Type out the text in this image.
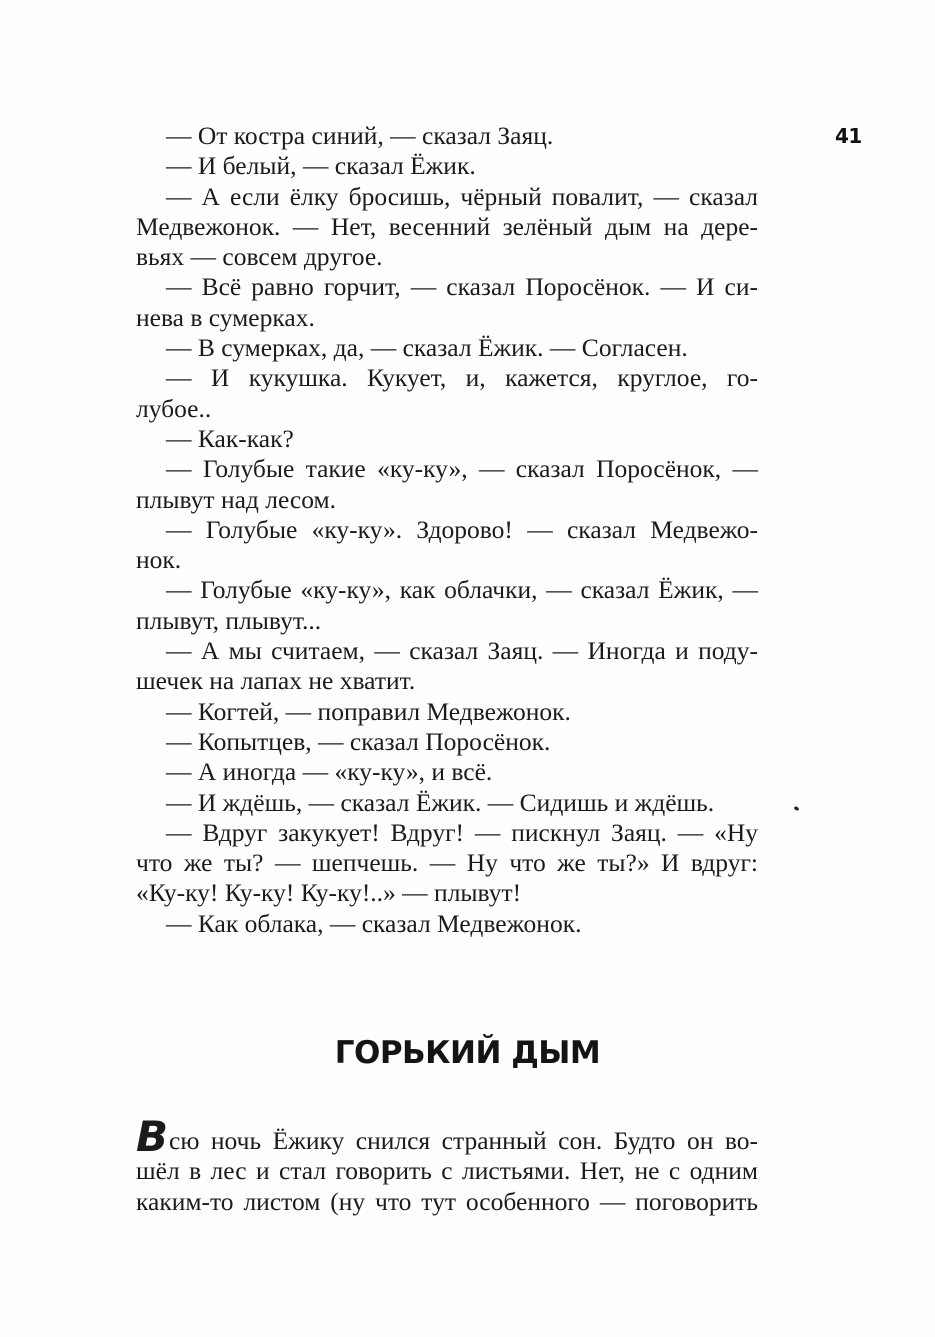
41
— От костра синий, — сказал Заяц.
— И белый, — сказал Ёжик.
— А если ёлку бросишь, чёрный повалит, — сказал
Медвежонок. — Нет, весенний зелёный дым на дере-
вьях — совсем другое.
— Всё равно горчит, — сказал Поросёнок. — И си-
нева в сумерках.
— В сумерках, да, — сказал Ёжик. — Согласен.
— И кукушка. Кукует, и, кажется, круглое, го-
лубое..
— Как-как?
— Голубые такие «ку-ку», — сказал Поросёнок, —
плывут над лесом.
— Голубые «ку-ку». Здорово! — сказал Медвежо-
нок.
— Голубые «ку-ку», как облачки, — сказал Ёжик, —
плывут, плывут...
— А мы считаем, — сказал Заяц. — Иногда и поду-
шечек на лапах не хватит.
— Когтей, — поправил Медвежонок.
— Копытцев, — сказал Поросёнок.
— А иногда — «ку-ку», и всё.
— И ждёшь, — сказал Ёжик. — Сидишь и ждёшь.
— Вдруг закукует! Вдруг! — пискнул Заяц. — «Ну
что же ты? — шепчешь. — Ну что же ты?» И вдруг:
«Ку-ку! Ку-ку! Ку-ку!..» — плывут!
— Как облака, — сказал Медвежонок.
ГОРЬКИЙ ДЫМ
Всю ночь Ёжику снился странный сон. Будто он во-
шёл в лес и стал говорить с листьями. Нет, не с одним
каким-то листом (ну что тут особенного — поговорить
